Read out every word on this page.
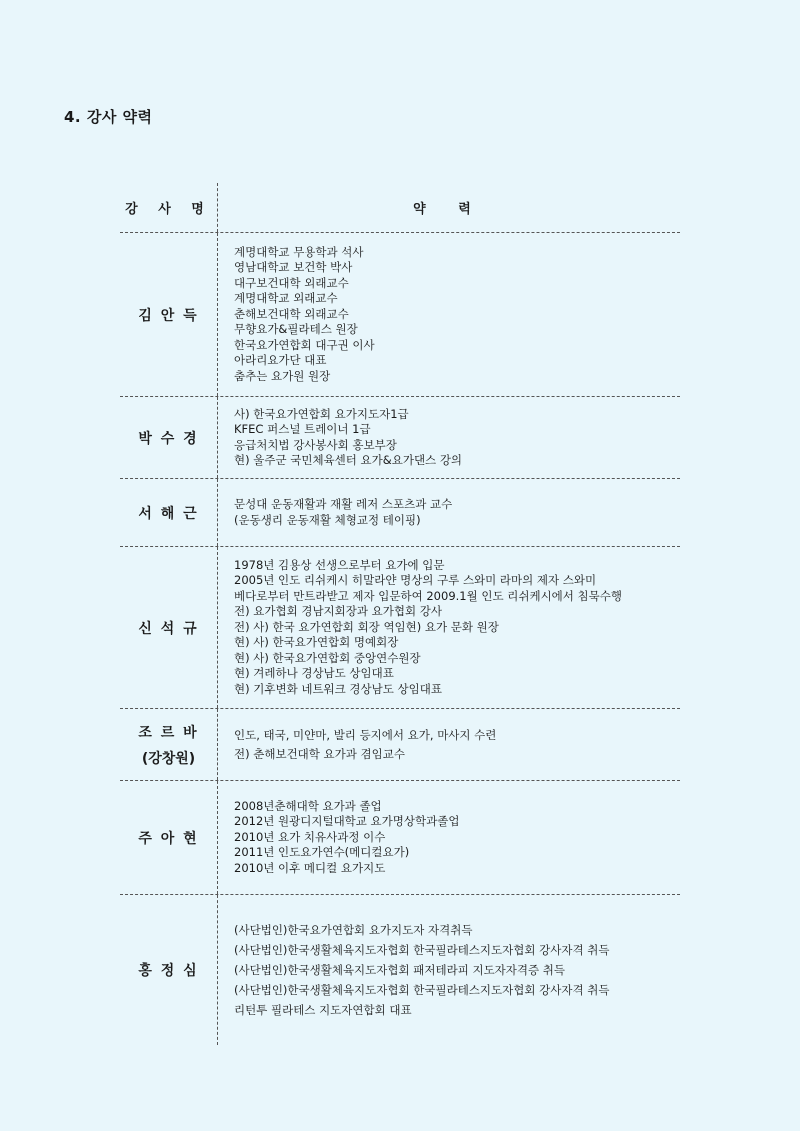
4. 강사 약력
강 사 명	약 력
김 안 득
계명대학교 무용학과 석사
영남대학교 보건학 박사
대구보건대학 외래교수
계명대학교 외래교수
춘해보건대학 외래교수
무향요가&필라테스 원장
한국요가연합회 대구권 이사
아라리요가단 대표
춤추는 요가원 원장
박 수 경
사) 한국요가연합회 요가지도자1급
KFEC 퍼스널 트레이너 1급
응급처치법 강사봉사회 홍보부장
현) 울주군 국민체육센터 요가&요가댄스 강의
서 해 근
문성대 운동재활과 재활 레저 스포츠과 교수
(운동생리 운동재활 체형교정 테이핑)
신 석 규
1978년 김용상 선생으로부터 요가에 입문
2005년 인도 리쉬케시 히말라얀 명상의 구루 스와미 라마의 제자 스와미
베다로부터 만트라받고 제자 입문하여 2009.1월 인도 리쉬케시에서 침묵수행
전) 요가협회 경남지회장과 요가협회 강사
전) 사) 한국 요가연합회 회장 역임현) 요가 문화 원장
현) 사) 한국요가연합회 명예회장
현) 사) 한국요가연합회 중앙연수원장
현) 겨레하나 경상남도 상임대표
현) 기후변화 네트워크 경상남도 상임대표
조 르 바
(강창원)
인도, 태국, 미얀마, 발리 등지에서 요가, 마사지 수련
전) 춘해보건대학 요가과 겸임교수
주 아 현
2008년춘해대학 요가과 졸업
2012년 원광디지털대학교 요가명상학과졸업
2010년 요가 치유사과정 이수
2011년 인도요가연수(메디컬요가)
2010년 이후 메디컬 요가지도
홍 정 심
(사단법인)한국요가연합회 요가지도자 자격취득
(사단법인)한국생활체육지도자협회 한국필라테스지도자협회 강사자격 취득
(사단법인)한국생활체육지도자협회 패저테라피 지도자자격증 취득
(사단법인)한국생활체육지도자협회 한국필라테스지도자협회 강사자격 취득
리턴투 필라테스 지도자연합회 대표
